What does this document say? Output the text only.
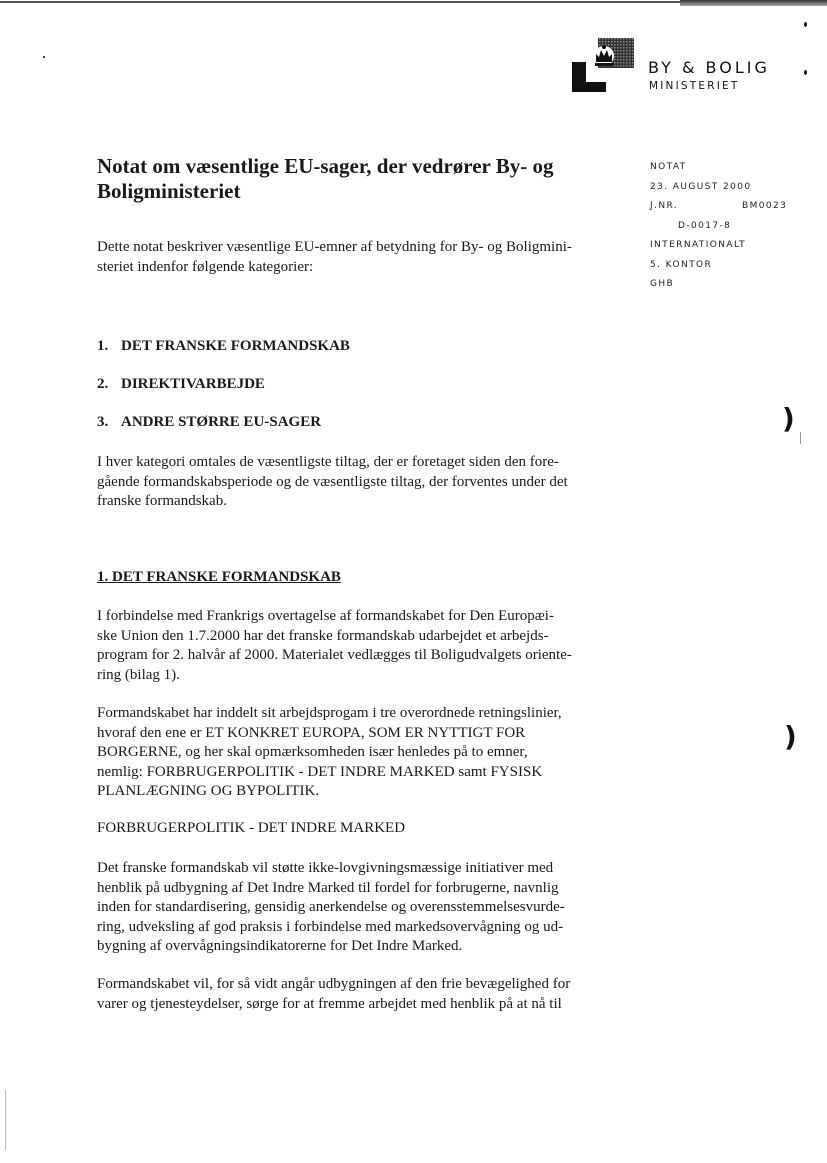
)
)
BY & BOLIG
MINISTERIET
NOTAT
23. AUGUST 2000
J.NR.	BM0023
D-0017-8
INTERNATIONALT
5. KONTOR
GHB
Notat om væsentlige EU-sager, der vedrører By- og
Boligministeriet
Dette notat beskriver væsentlige EU-emner af betydning for By- og Boligmini-
steriet indenfor følgende kategorier:
1. DET FRANSKE FORMANDSKAB
2. DIREKTIVARBEJDE
3. ANDRE STØRRE EU-SAGER
I hver kategori omtales de væsentligste tiltag, der er foretaget siden den fore-
gående formandskabsperiode og de væsentligste tiltag, der forventes under det
franske formandskab.
1. DET FRANSKE FORMANDSKAB
I forbindelse med Frankrigs overtagelse af formandskabet for Den Europæi-
ske Union den 1.7.2000 har det franske formandskab udarbejdet et arbejds-
program for 2. halvår af 2000. Materialet vedlægges til Boligudvalgets oriente-
ring (bilag 1).
Formandskabet har inddelt sit arbejdsprogam i tre overordnede retningslinier,
hvoraf den ene er ET KONKRET EUROPA, SOM ER NYTTIGT FOR
BORGERNE, og her skal opmærksomheden især henledes på to emner,
nemlig: FORBRUGERPOLITIK - DET INDRE MARKED samt FYSISK
PLANLÆGNING OG BYPOLITIK.
FORBRUGERPOLITIK - DET INDRE MARKED
Det franske formandskab vil støtte ikke-lovgivningsmæssige initiativer med
henblik på udbygning af Det Indre Marked til fordel for forbrugerne, navnlig
inden for standardisering, gensidig anerkendelse og overensstemmelsesvurde-
ring, udveksling af god praksis i forbindelse med markedsovervågning og ud-
bygning af overvågningsindikatorerne for Det Indre Marked.
Formandskabet vil, for så vidt angår udbygningen af den frie bevægelighed for
varer og tjenesteydelser, sørge for at fremme arbejdet med henblik på at nå til
